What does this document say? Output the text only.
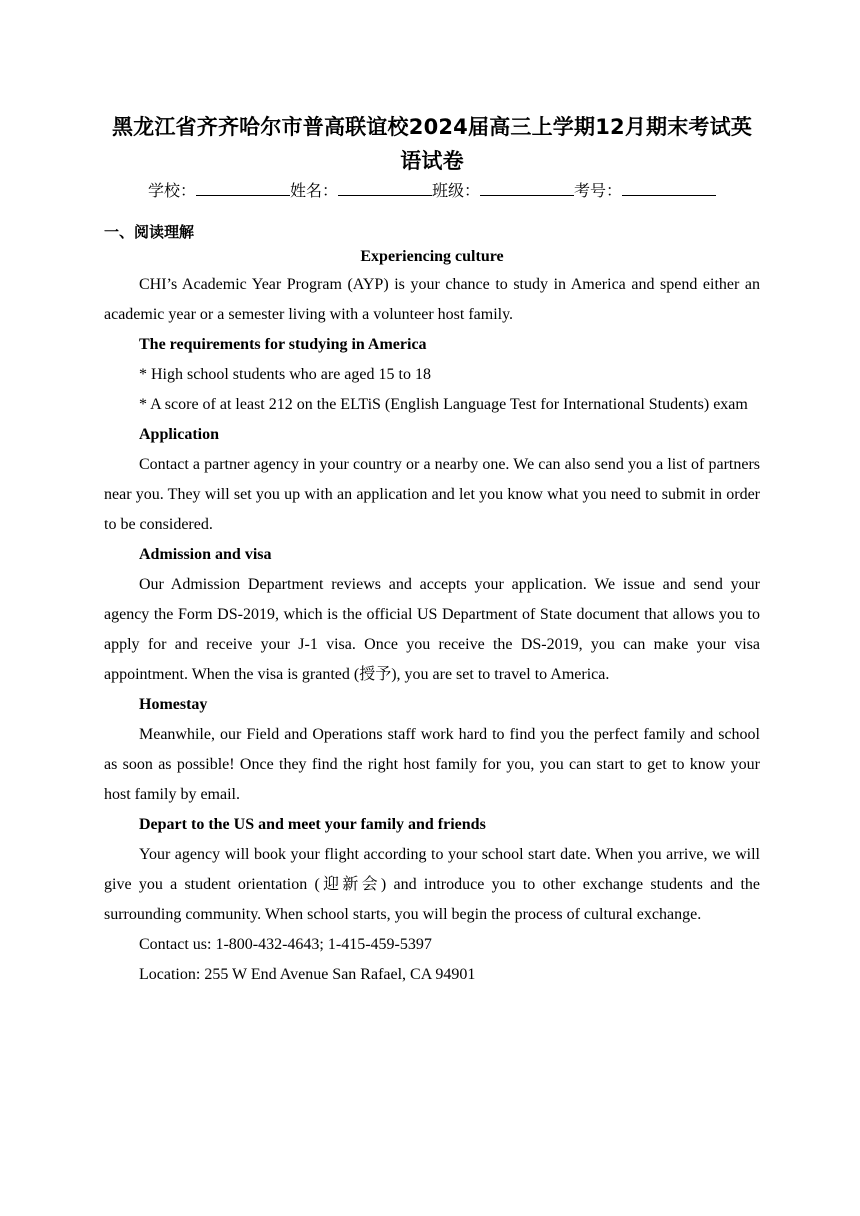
黑龙江省齐齐哈尔市普高联谊校2024届高三上学期12月期末考试英语试卷
学校：	姓名：	班级：	考号：
一、阅读理解
Experiencing culture

CHI’s Academic Year Program (AYP) is your chance to study in America and spend either an academic year or a semester living with a volunteer host family.

The requirements for studying in America

* High school students who are aged 15 to 18

* A score of at least 212 on the ELTiS (English Language Test for International Students) exam

Application

Contact a partner agency in your country or a nearby one. We can also send you a list of partners near you. They will set you up with an application and let you know what you need to submit in order to be considered.

Admission and visa

Our Admission Department reviews and accepts your application. We issue and send your agency the Form DS-2019, which is the official US Department of State document that allows you to apply for and receive your J-1 visa. Once you receive the DS-2019, you can make your visa appointment. When the visa is granted (授予), you are set to travel to America.

Homestay

Meanwhile, our Field and Operations staff work hard to find you the perfect family and school as soon as possible! Once they find the right host family for you, you can start to get to know your host family by email.

Depart to the US and meet your family and friends

Your agency will book your flight according to your school start date. When you arrive, we will give you a student orientation (迎新会) and introduce you to other exchange students and the surrounding community. When school starts, you will begin the process of cultural exchange.

Contact us: 1-800-432-4643; 1-415-459-5397

Location: 255 W End Avenue San Rafael, CA 94901
